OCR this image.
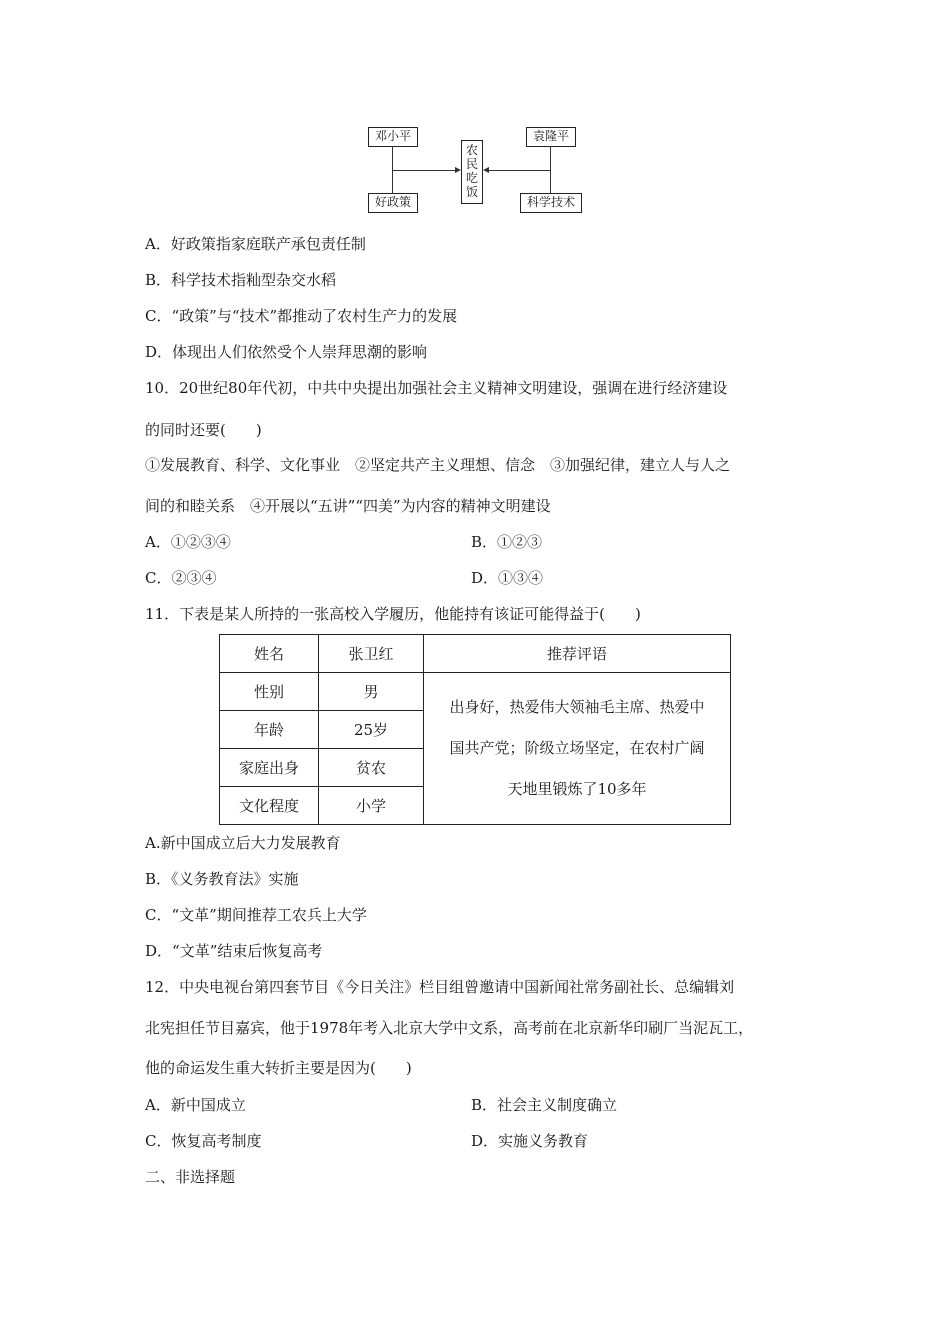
邓小平
好政策
农
民
吃
饭
袁隆平
科学技术
A．好政策指家庭联产承包责任制
B．科学技术指籼型杂交水稻
C．“政策”与“技术”都推动了农村生产力的发展
D．体现出人们依然受个人崇拜思潮的影响
10．20世纪80年代初，中共中央提出加强社会主义精神文明建设，强调在进行经济建设
的同时还要(　　)
①发展教育、科学、文化事业　②坚定共产主义理想、信念　③加强纪律，建立人与人之
间的和睦关系　④开展以“五讲”“四美”为内容的精神文明建设
A．①②③④	B．①②③
C．②③④	D．①③④
11．下表是某人所持的一张高校入学履历，他能持有该证可能得益于(　　)
姓名	张卫红	推荐评语
性别	男	出身好，热爱伟大领袖毛主席、热爱中
国共产党；阶级立场坚定，在农村广阔
天地里锻炼了10多年

年龄	25岁	
家庭出身	贫农	
文化程度	小学	
A.新中国成立后大力发展教育
B．《义务教育法》实施
C．“文革”期间推荐工农兵上大学
D．“文革”结束后恢复高考
12．中央电视台第四套节目《今日关注》栏目组曾邀请中国新闻社常务副社长、总编辑刘
北宪担任节目嘉宾，他于1978年考入北京大学中文系，高考前在北京新华印刷厂当泥瓦工，
他的命运发生重大转折主要是因为(　　)
A．新中国成立	B．社会主义制度确立
C．恢复高考制度	D．实施义务教育
二、非选择题
